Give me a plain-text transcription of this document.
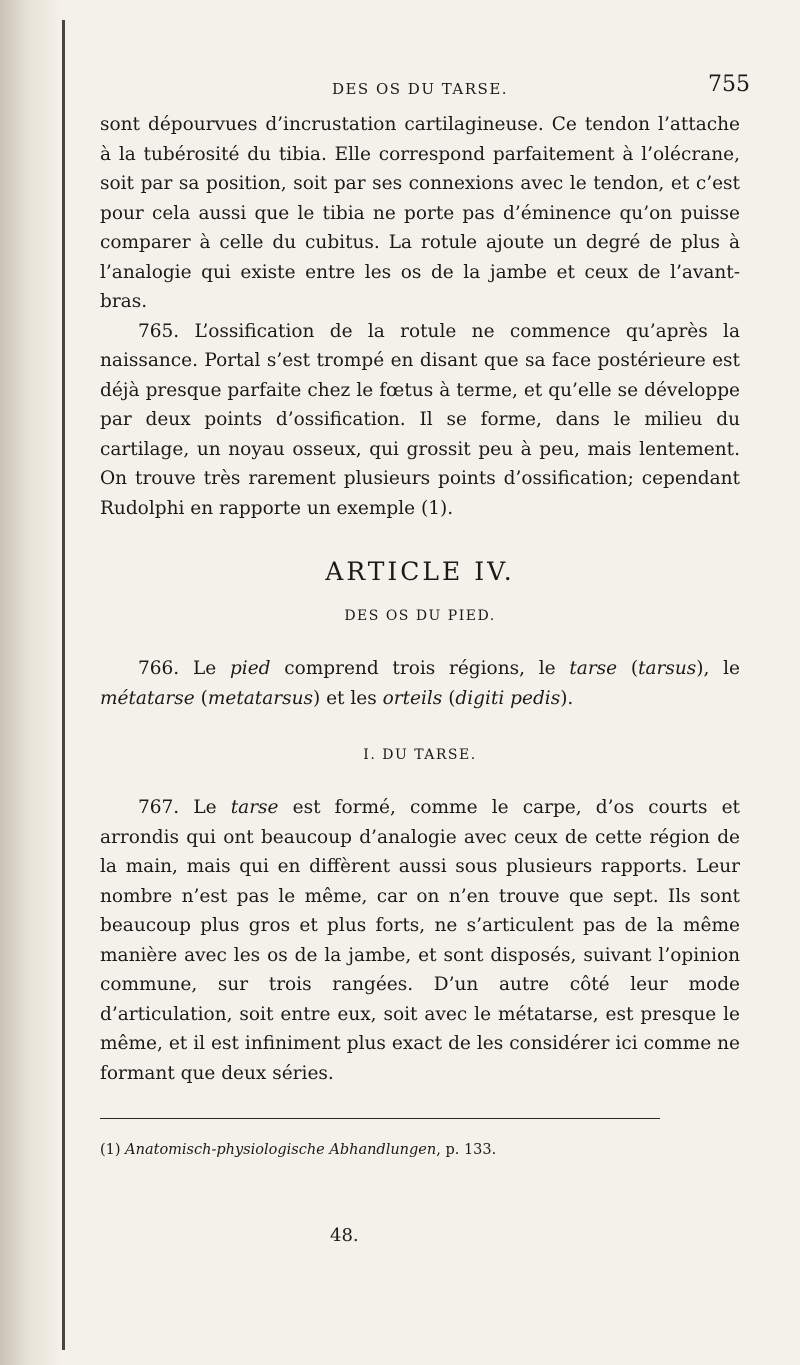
DES OS DU TARSE.	755

sont dépourvues d’incrustation cartilagineuse. Ce tendon l’attache à la tubérosité du tibia. Elle correspond parfaitement à l’olécrane, soit par sa position, soit par ses connexions avec le tendon, et c’est pour cela aussi que le tibia ne porte pas d’éminence qu’on puisse comparer à celle du cubitus. La rotule ajoute un degré de plus à l’analogie qui existe entre les os de la jambe et ceux de l’avant-bras.

765. L’ossification de la rotule ne commence qu’après la naissance. Portal s’est trompé en disant que sa face postérieure est déjà presque parfaite chez le fœtus à terme, et qu’elle se développe par deux points d’ossification. Il se forme, dans le milieu du cartilage, un noyau osseux, qui grossit peu à peu, mais lentement. On trouve très rarement plusieurs points d’ossification; cependant Rudolphi en rapporte un exemple (1).

ARTICLE IV.
DES OS DU PIED.

766. Le pied comprend trois régions, le tarse (tarsus), le métatarse (metatarsus) et les orteils (digiti pedis).

I. DU TARSE.

767. Le tarse est formé, comme le carpe, d’os courts et arrondis qui ont beaucoup d’analogie avec ceux de cette région de la main, mais qui en diffèrent aussi sous plusieurs rapports. Leur nombre n’est pas le même, car on n’en trouve que sept. Ils sont beaucoup plus gros et plus forts, ne s’articulent pas de la même manière avec les os de la jambe, et sont disposés, suivant l’opinion commune, sur trois rangées. D’un autre côté leur mode d’articulation, soit entre eux, soit avec le métatarse, est presque le même, et il est infiniment plus exact de les considérer ici comme ne formant que deux séries.

(1) Anatomisch-physiologische Abhandlungen, p. 133.
48.
